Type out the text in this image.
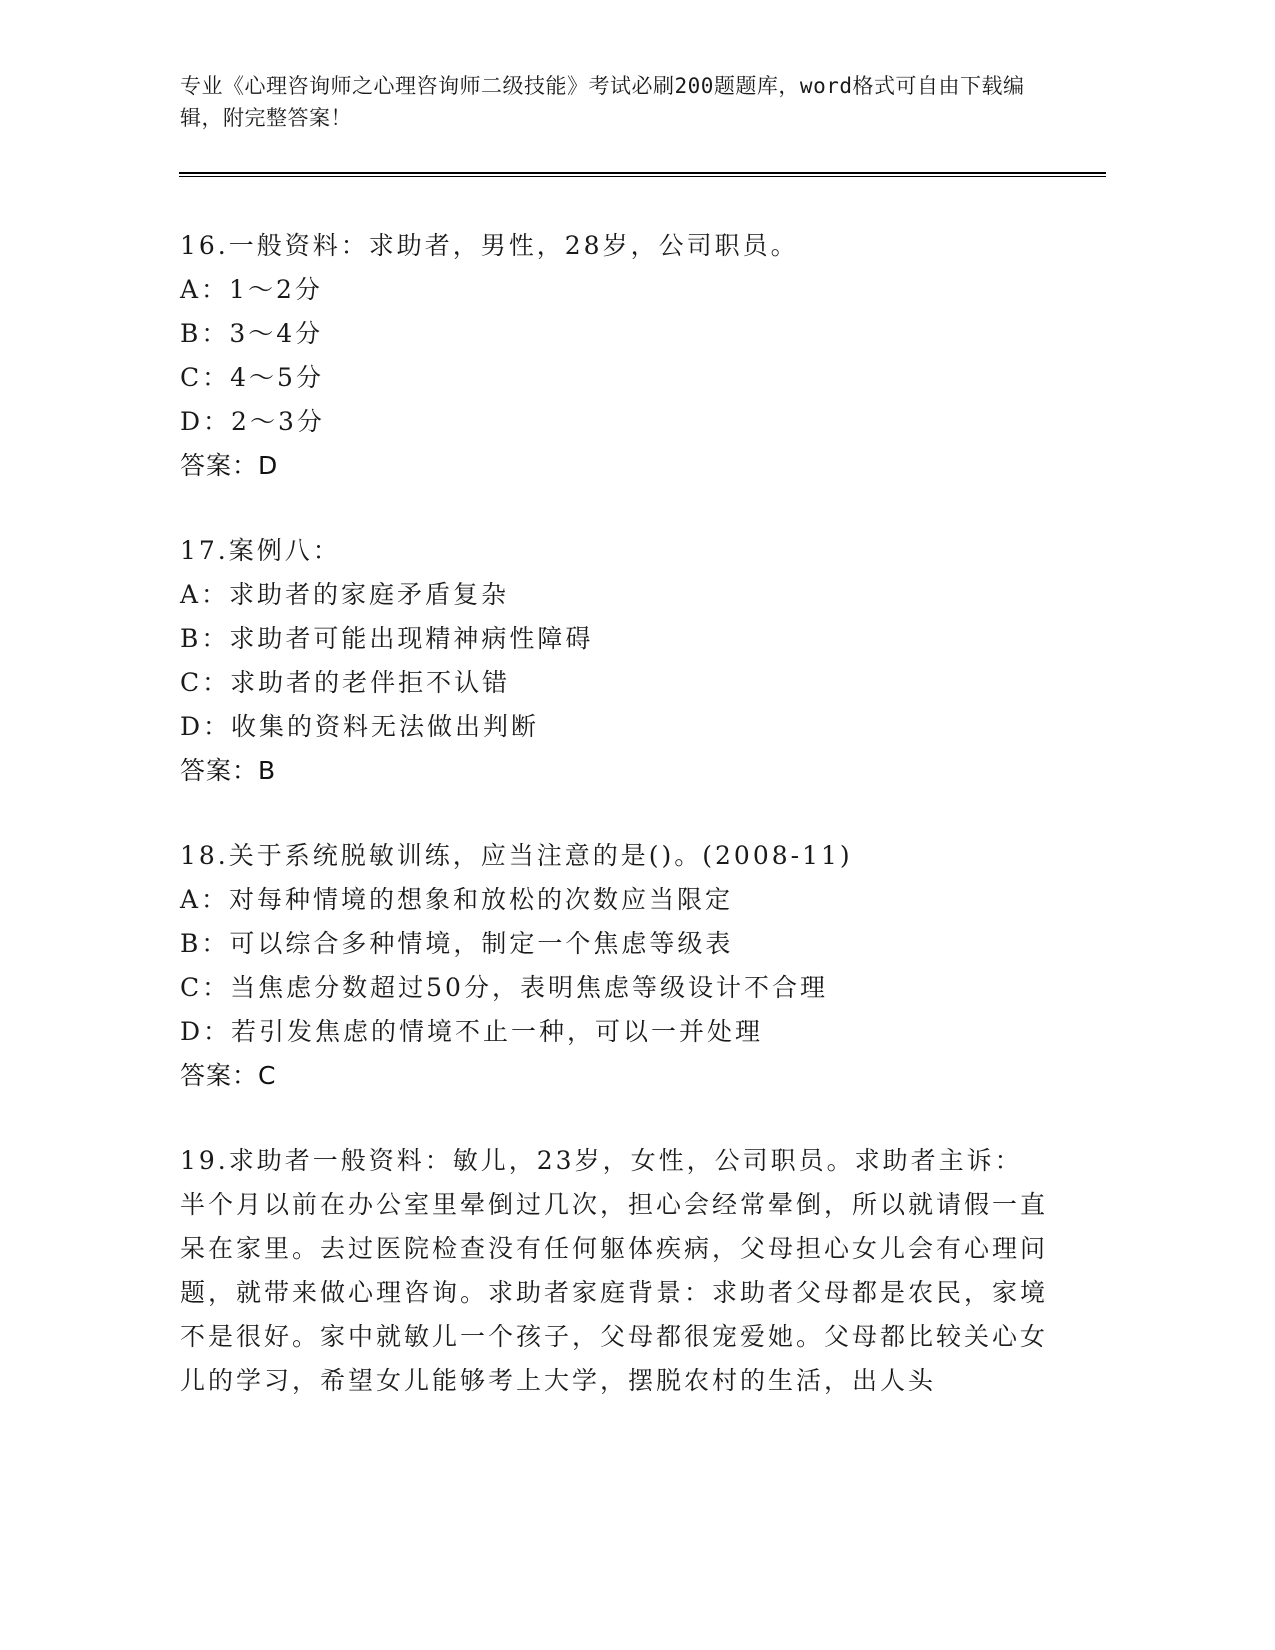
专业《心理咨询师之心理咨询师二级技能》考试必刷200题题库，word格式可自由下载编辑，附完整答案！
16.一般资料：求助者，男性，28岁，公司职员。
A：1～2分
B：3～4分
C：4～5分
D：2～3分
答案：D
17.案例八：
A：求助者的家庭矛盾复杂
B：求助者可能出现精神病性障碍
C：求助者的老伴拒不认错
D：收集的资料无法做出判断
答案：B
18.关于系统脱敏训练，应当注意的是()。(2008-11)
A：对每种情境的想象和放松的次数应当限定
B：可以综合多种情境，制定一个焦虑等级表
C：当焦虑分数超过50分，表明焦虑等级设计不合理
D：若引发焦虑的情境不止一种，可以一并处理
答案：C
19.求助者一般资料：敏儿，23岁，女性，公司职员。求助者主诉：半个月以前在办公室里晕倒过几次，担心会经常晕倒，所以就请假一直呆在家里。去过医院检查没有任何躯体疾病，父母担心女儿会有心理问题，就带来做心理咨询。求助者家庭背景：求助者父母都是农民，家境不是很好。家中就敏儿一个孩子，父母都很宠爱她。父母都比较关心女儿的学习，希望女儿能够考上大学，摆脱农村的生活，出人头
